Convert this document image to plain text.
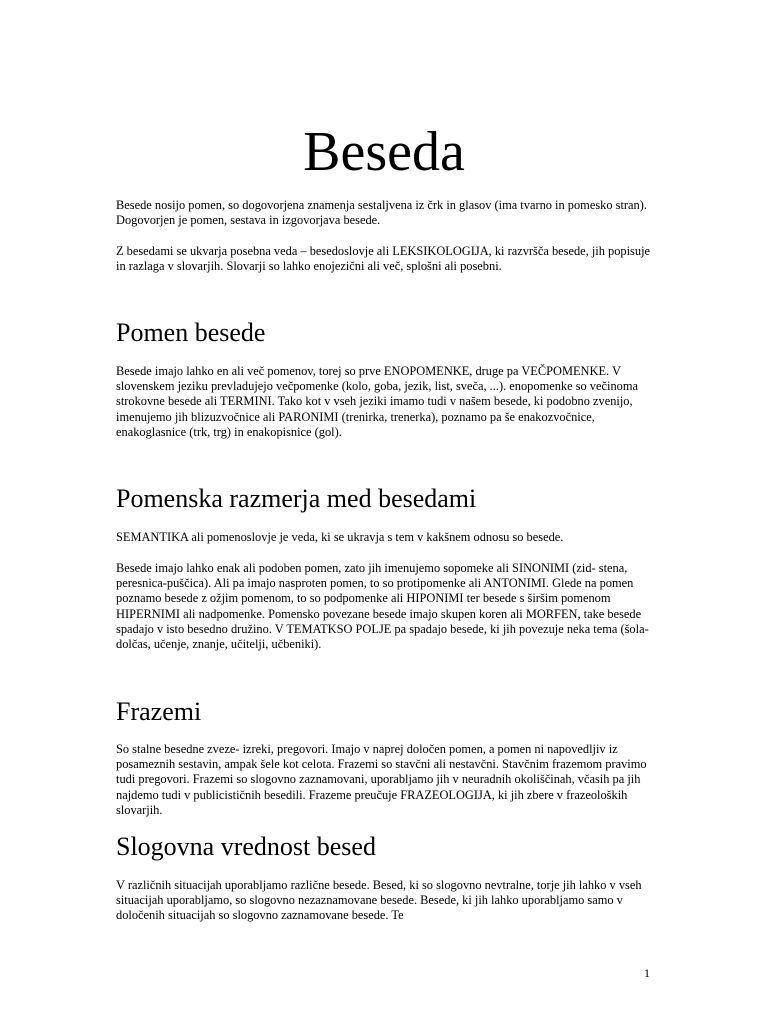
Beseda

Besede nosijo pomen, so dogovorjena znamenja sestaljvena iz črk in glasov (ima tvarno in pomesko stran). Dogovorjen je pomen, sestava in izgovorjava besede.

Z besedami se ukvarja posebna veda – besedoslovje ali LEKSIKOLOGIJA, ki razvršča besede, jih popisuje in razlaga v slovarjih. Slovarji so lahko enojezični ali več, splošni ali posebni.

Pomen besede

Besede imajo lahko en ali več pomenov, torej so prve ENOPOMENKE, druge pa VEČPOMENKE. V slovenskem jeziku prevladujejo večpomenke (kolo, goba, jezik, list, sveča, ...). enopomenke so večinoma strokovne besede ali TERMINI. Tako kot v vseh jeziki imamo tudi v našem besede, ki podobno zvenijo, imenujemo jih blizuzvočnice ali PARONIMI (trenirka, trenerka), poznamo pa še enakozvočnice, enakoglasnice (trk, trg) in enakopisnice (gol).

Pomenska razmerja med besedami

SEMANTIKA ali pomenoslovje je veda, ki se ukravja s tem v kakšnem odnosu so besede.

Besede imajo lahko enak ali podoben pomen, zato jih imenujemo sopomeke ali SINONIMI (zid- stena, peresnica-puščica). Ali pa imajo nasproten pomen, to so protipomenke ali ANTONIMI. Glede na pomen poznamo besede z ožjim pomenom, to so podpomenke ali HIPONIMI ter besede s širšim pomenom HIPERNIMI ali nadpomenke. Pomensko povezane besede imajo skupen koren ali MORFEN, take besede spadajo v isto besedno družino. V TEMATKSO POLJE pa spadajo besede, ki jih povezuje neka tema (šola- dolčas, učenje, znanje, učitelji, učbeniki).

Frazemi

So stalne besedne zveze- izreki, pregovori. Imajo v naprej določen pomen, a pomen ni napovedljiv iz posameznih sestavin, ampak šele kot celota. Frazemi so stavčni ali nestavčni. Stavčnim frazemom pravimo tudi pregovori. Frazemi so slogovno zaznamovani, uporabljamo jih v neuradnih okoliščinah, včasih pa jih najdemo tudi v publicističnih besedili. Frazeme preučuje FRAZEOLOGIJA, ki jih zbere v frazeoloških slovarjih.

Slogovna vrednost besed

V različnih situacijah uporabljamo različne besede. Besed, ki so slogovno nevtralne, torje jih lahko v vseh situacijah uporabljamo, so slogovno nezaznamovane besede. Besede, ki jih lahko uporabljamo samo v določenih situacijah so slogovno zaznamovane besede. Te

1
